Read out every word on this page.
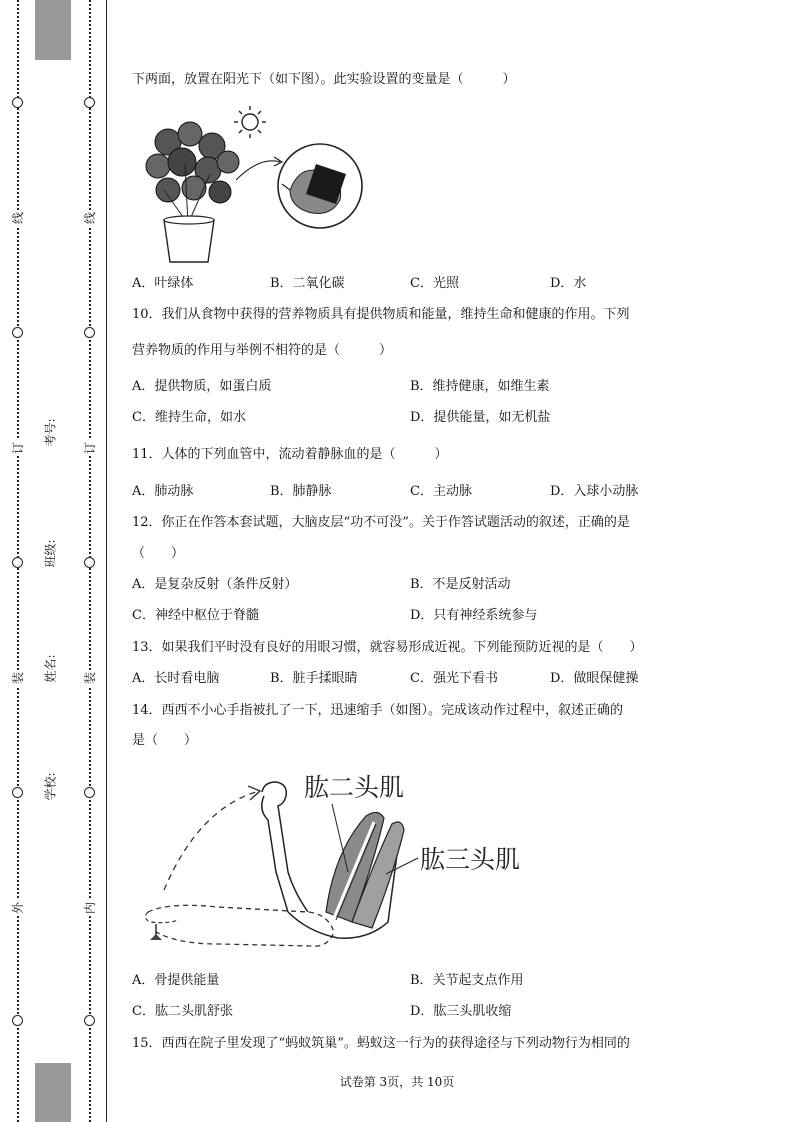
线
订
装
外
线
订
装
内
考号:
班级:
姓名:
学校:
下两面，放置在阳光下（如下图）。此实验设置的变量是（　　　）
A．叶绿体	B．二氧化碳	C．光照	D．水
10．我们从食物中获得的营养物质具有提供物质和能量，维持生命和健康的作用。下列
营养物质的作用与举例不相符的是（　　　）
A．提供物质，如蛋白质	B．维持健康，如维生素
C．维持生命，如水	D．提供能量，如无机盐
11．人体的下列血管中，流动着静脉血的是（　　　）
A．肺动脉	B．肺静脉	C．主动脉	D．入球小动脉
12．你正在作答本套试题，大脑皮层“功不可没”。关于作答试题活动的叙述，正确的是
（　　）
A．是复杂反射（条件反射）	B．不是反射活动
C．神经中枢位于脊髓	D．只有神经系统参与
13．如果我们平时没有良好的用眼习惯，就容易形成近视。下列能预防近视的是（　　）
A．长时看电脑	B．脏手揉眼睛	C．强光下看书	D．做眼保健操
14．西西不小心手指被扎了一下，迅速缩手（如图）。完成该动作过程中，叙述正确的
是（　　）
肱二头肌
肱三头肌
A．骨提供能量	B．关节起支点作用
C．肱二头肌舒张	D．肱三头肌收缩
15．西西在院子里发现了“蚂蚁筑巢”。蚂蚁这一行为的获得途径与下列动物行为相同的
试卷第 3页，共 10页
